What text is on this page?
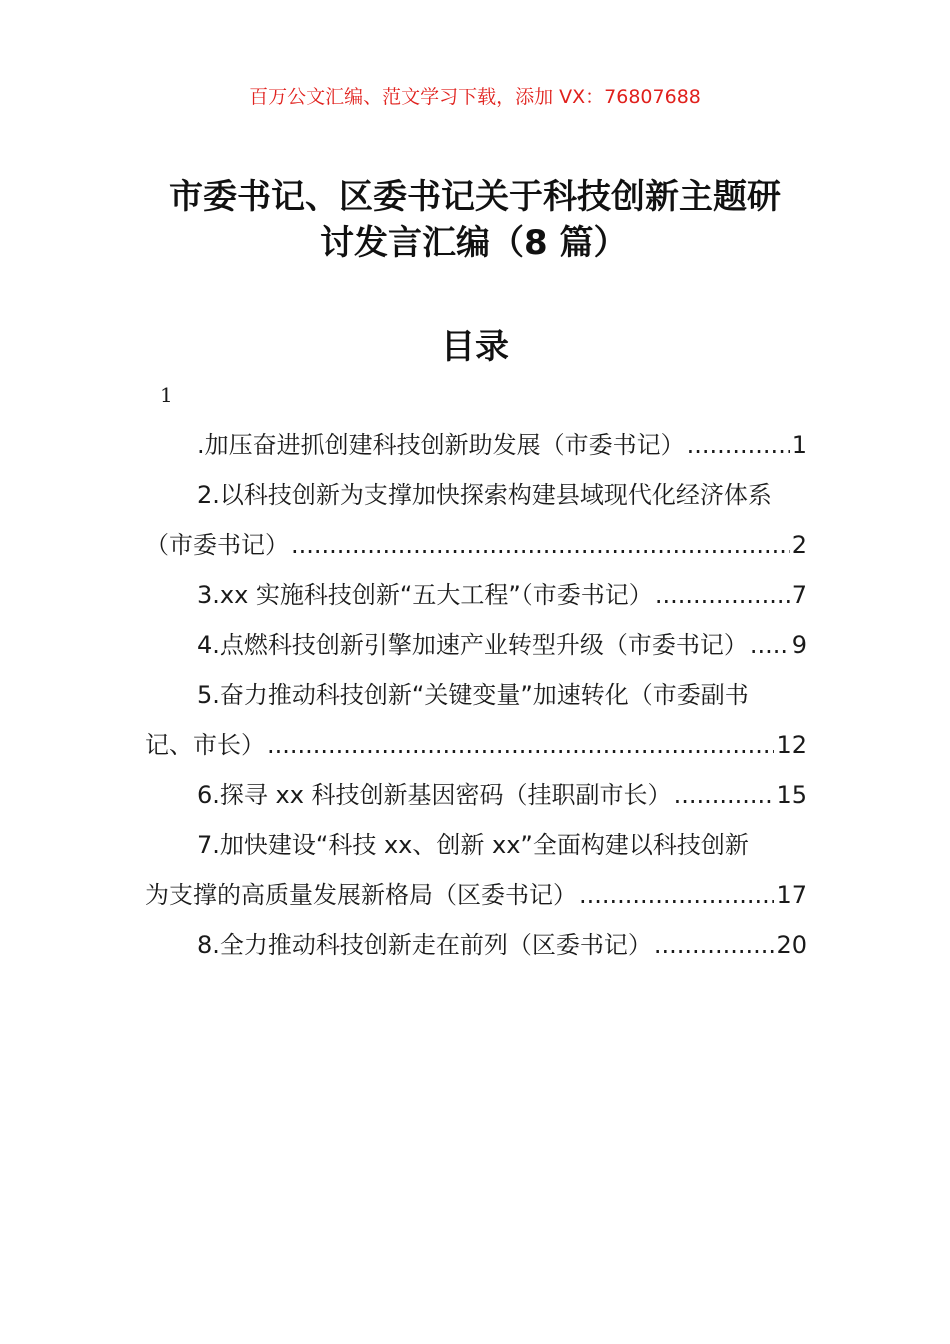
百万公文汇编、范文学习下载，添加 VX：76807688
市委书记、区委书记关于科技创新主题研
讨发言汇编（8 篇）
目录
1
.加压奋进抓创建科技创新助发展（市委书记） .....	1
2.以科技创新为支撑加快探索构建县域现代化经济体系
（市委书记） .....	2
3.xx 实施科技创新“五大工程”（市委书记） .....	7
4.点燃科技创新引擎加速产业转型升级（市委书记） ..... 9
5.奋力推动科技创新“关键变量”加速转化（市委副书
记、市长） .....	12
6.探寻 xx 科技创新基因密码（挂职副市长） .....	15
7.加快建设“科技 xx、创新 xx”全面构建以科技创新
为支撑的高质量发展新格局（区委书记） .....	17
8.全力推动科技创新走在前列（区委书记） .....	20
